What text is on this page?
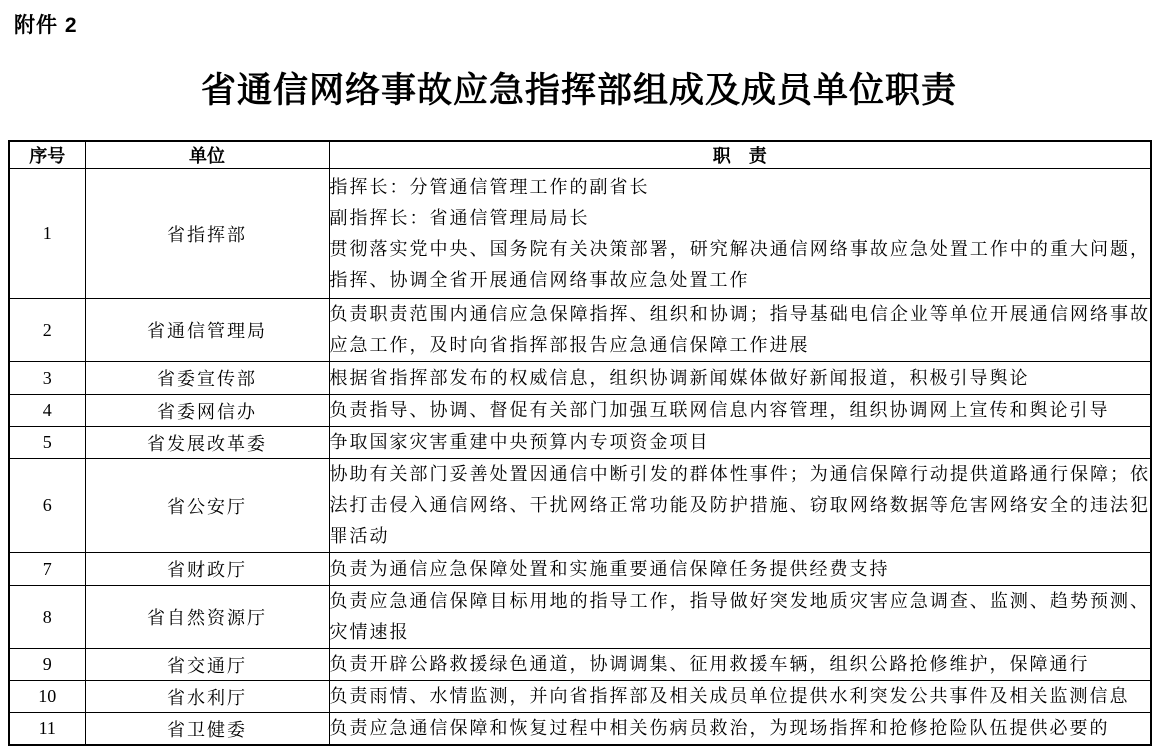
附件 2
省通信网络事故应急指挥部组成及成员单位职责
序号	单位	职　责
1	省指挥部	指挥长：分管通信管理工作的副省长
副指挥长：省通信管理局局长
贯彻落实党中央、国务院有关决策部署，研究解决通信网络事故应急处置工作中的重大问题，指挥、协调全省开展通信网络事故应急处置工作

2	省通信管理局	负责职责范围内通信应急保障指挥、组织和协调；指导基础电信企业等单位开展通信网络事故应急工作，及时向省指挥部报告应急通信保障工作进展

3	省委宣传部	根据省指挥部发布的权威信息，组织协调新闻媒体做好新闻报道，积极引导舆论

4	省委网信办	负责指导、协调、督促有关部门加强互联网信息内容管理，组织协调网上宣传和舆论引导

5	省发展改革委	争取国家灾害重建中央预算内专项资金项目

6	省公安厅	协助有关部门妥善处置因通信中断引发的群体性事件；为通信保障行动提供道路通行保障；依法打击侵入通信网络、干扰网络正常功能及防护措施、窃取网络数据等危害网络安全的违法犯罪活动

7	省财政厅	负责为通信应急保障处置和实施重要通信保障任务提供经费支持

8	省自然资源厅	负责应急通信保障目标用地的指导工作，指导做好突发地质灾害应急调查、监测、趋势预测、灾情速报

9	省交通厅	负责开辟公路救援绿色通道，协调调集、征用救援车辆，组织公路抢修维护，保障通行

10	省水利厅	负责雨情、水情监测，并向省指挥部及相关成员单位提供水利突发公共事件及相关监测信息

11	省卫健委	负责应急通信保障和恢复过程中相关伤病员救治，为现场指挥和抢修抢险队伍提供必要的
